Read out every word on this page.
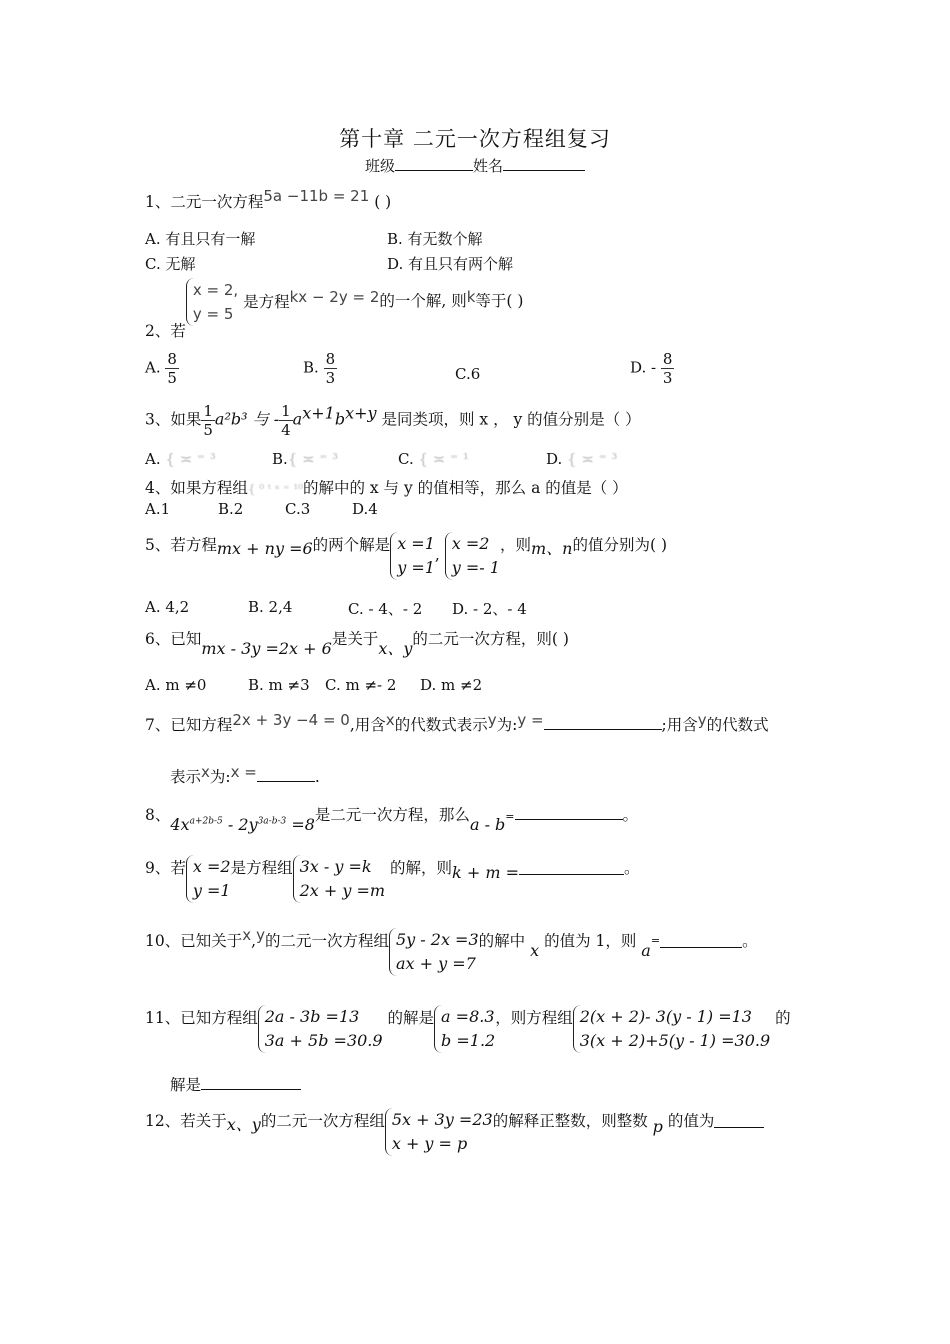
第十章 二元一次方程组复习
班级	姓名
1、二元一次方程5a −11b = 21 ( )
A. 有且只有一解	B. 有无数个解
C. 无解	D. 有且只有两个解
2、若
x = 2,
y = 5
是方程kx − 2y = 2的一个解, 则k等于( )
A. $\frac{8}{5}$	B. $\frac{8}{3}$	C.6	D. - $\frac{8}{3}$
3、如果 $\frac{1}{5} a^2b^3$ 与 - $\frac{1}{4} a^{x+1}b^{x+y}$ 是同类项，则 x ， y 的值分别是（ ）
A. { ≍ ⁼ ³	B.{ ≍ ⁼ ³	C. { ≍ ⁼ ¹	D. { ≍ ⁼ ³
4、如果方程组{ ⁰ ᵗ ᵃ ⁼ ¹⁰的解中的 x 与 y 的值相等，那么 a 的值是（ ）
A.1	B.2	C.3	D.4
5、若方程mx + ny =6的两个解是 x =1
y =1
,
x =2
y =- 1
，则m、n的值分别为( )
A. 4,2	B. 2,4	C. - 4、- 2 D. - 2、- 4
6、已知mx - 3y =2x + 6是关于x、y的二元一次方程，则( )
A. m ≠0	B. m ≠3 C. m ≠- 2 D. m ≠2
7、已知方程2x + 3y −4 = 0,用含x的代数式表示y为:y =	;用含y的代数式
表示x为:x =	.
8、$4x^{a+2b-5} - 2y^{3a-b-3} =8$是二元一次方程，那么a - b=	。
9、若 x =2
y =1
是方程组 3x - y =k
2x + y =m
的解，则k + m =	。
10、已知关于x,y的二元一次方程组 5y - 2x =3
ax + y =7
的解中 x 的值为 1，则 a=	。
11、已知方程组 2a - 3b =13
3a + 5b =30.9
的解是 a =8.3
b =1.2
，则方程组 2(x + 2)- 3(y - 1) =13
3(x + 2)+5(y - 1) =30.9
的
解是
12、若关于x、y的二元一次方程组 5x + 3y =23
x + y = p
的解释正整数，则整数 p 的值为
